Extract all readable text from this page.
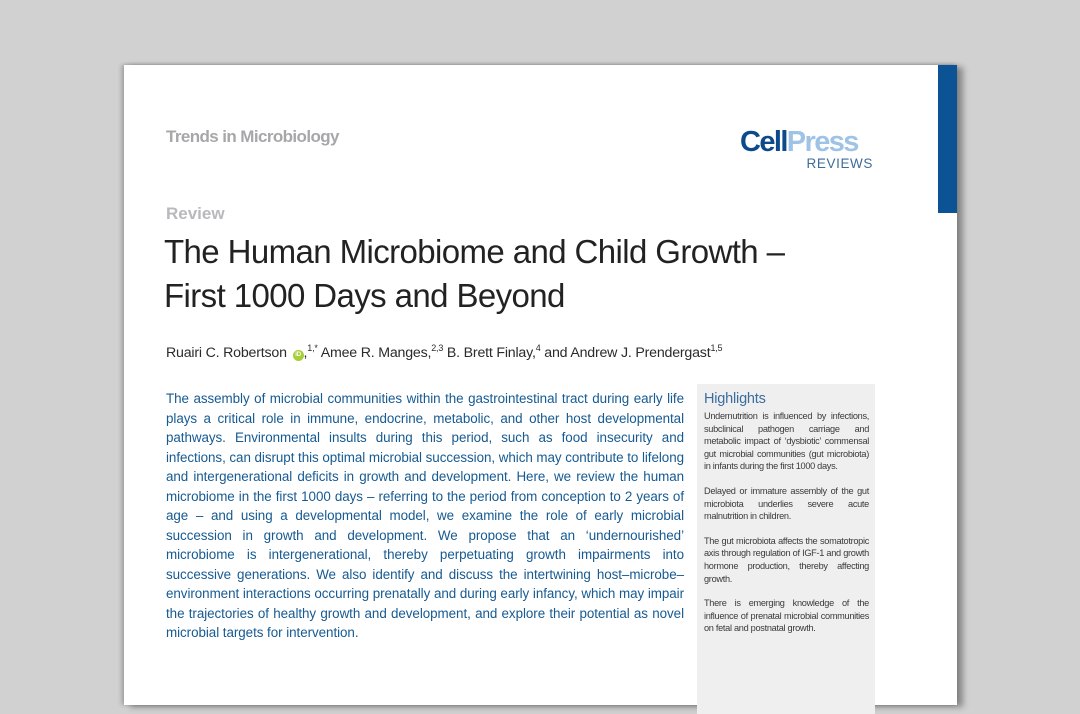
Trends in Microbiology	CellPress
REVIEWS
Review
The Human Microbiome and Child Growth – First 1000 Days and Beyond
Ruairi C. Robertson iD ,$^{1,*}$ Amee R. Manges,$^{2,3}$ B. Brett Finlay,$^4$ and Andrew J. Prendergast$^{1,5}$

The assembly of microbial communities within the gastrointestinal tract during early life plays a critical role in immune, endocrine, metabolic, and other host developmental pathways. Environmental insults during this period, such as food insecurity and infections, can disrupt this optimal microbial succession, which may contribute to lifelong and intergenerational deficits in growth and development. Here, we review the human microbiome in the first 1000 days – referring to the period from conception to 2 years of age – and using a developmental model, we examine the role of early microbial succession in growth and development. We propose that an ‘undernourished’ microbiome is intergenerational, thereby perpetuating growth impairments into successive generations. We also identify and discuss the intertwining host–microbe–environment interactions occurring prenatally and during early infancy, which may impair the trajectories of healthy growth and development, and explore their potential as novel microbial targets for intervention.

Highlights

Undernutrition is influenced by infections, subclinical pathogen carriage and metabolic impact of ‘dysbiotic’ commensal gut microbial communities (gut microbiota) in infants during the first 1000 days.

Delayed or immature assembly of the gut microbiota underlies severe acute malnutrition in children.

The gut microbiota affects the somatotropic axis through regulation of IGF-1 and growth hormone production, thereby affecting growth.

There is emerging knowledge of the influence of prenatal microbial communities on fetal and postnatal growth.
